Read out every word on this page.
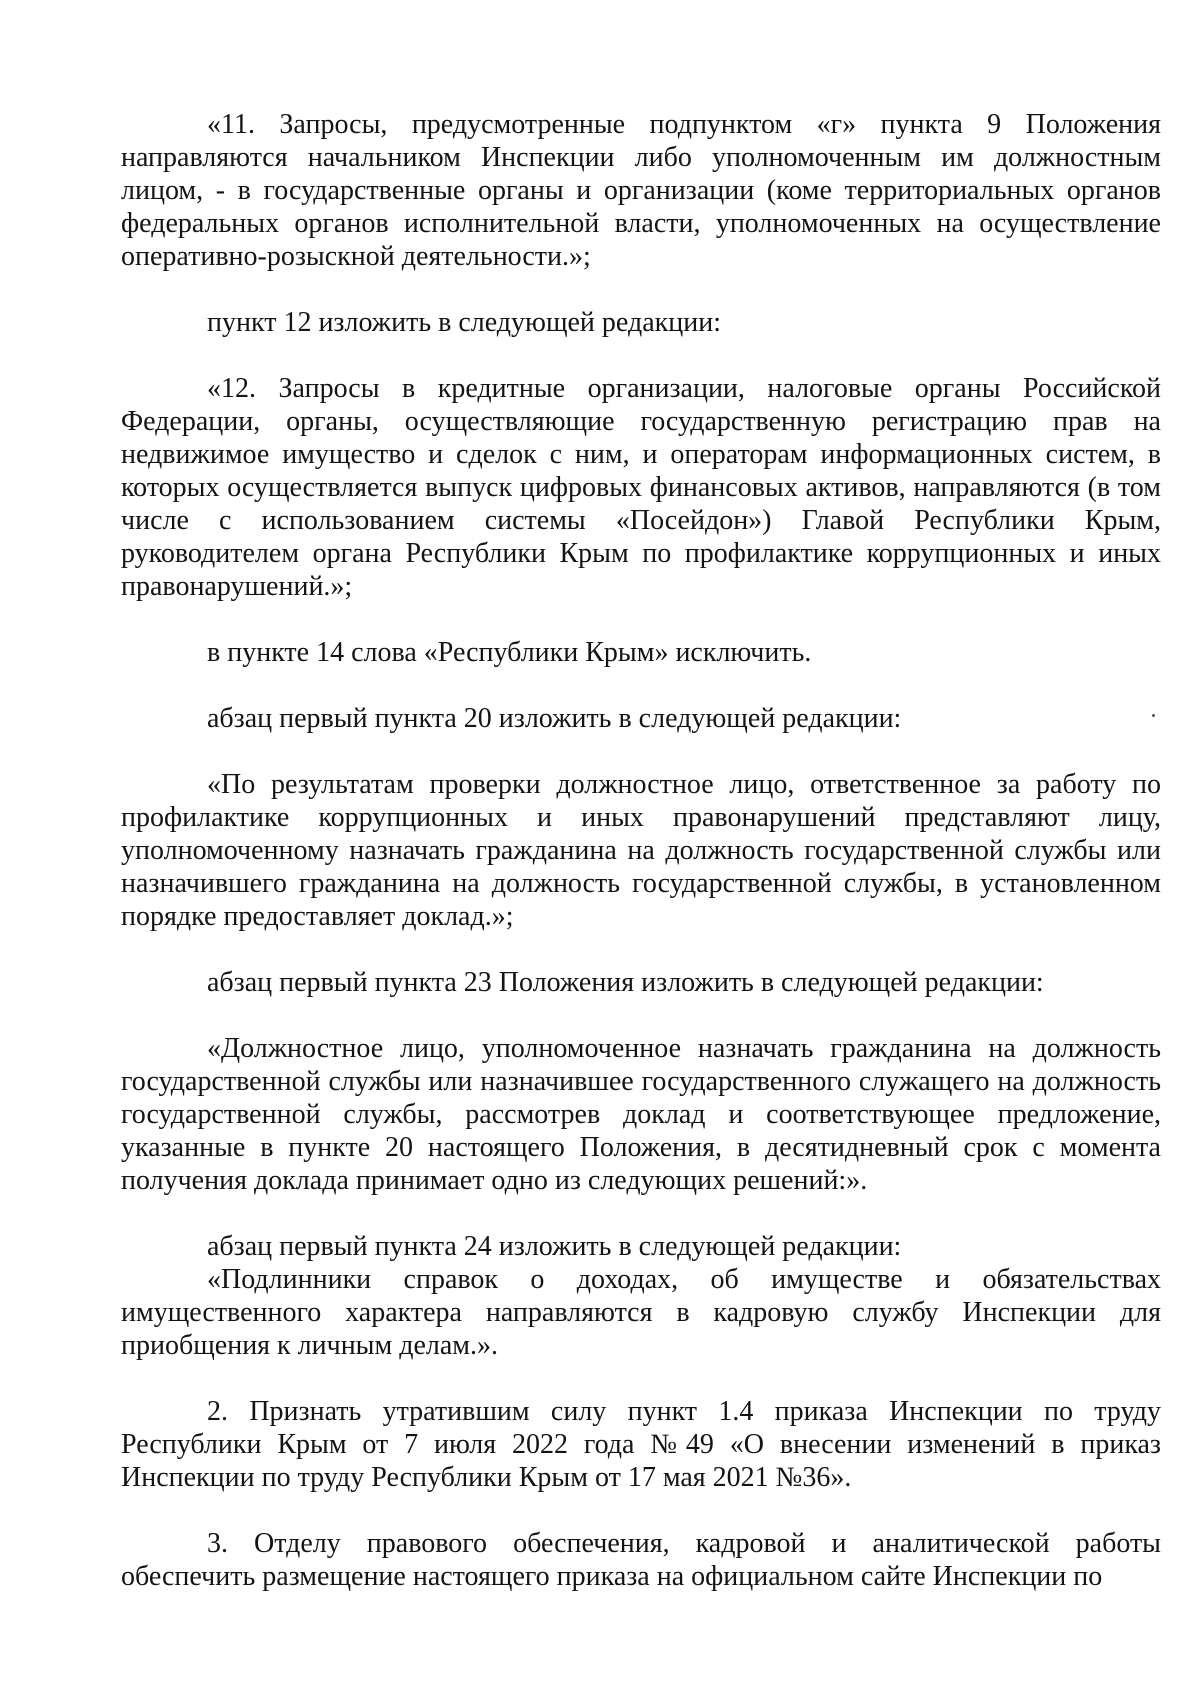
«11. Запросы, предусмотренные подпунктом «г» пункта 9 Положения направляются начальником Инспекции либо уполномоченным им должностным лицом, - в государственные органы и организации (коме территориальных органов федеральных органов исполнительной власти, уполномоченных на осуществление оперативно-розыскной деятельности.»;

пункт 12 изложить в следующей редакции:

«12. Запросы в кредитные организации, налоговые органы Российской Федерации, органы, осуществляющие государственную регистрацию прав на недвижимое имущество и сделок с ним, и операторам информационных систем, в которых осуществляется выпуск цифровых финансовых активов, направляются (в том числе с использованием системы «Посейдон») Главой Республики Крым, руководителем органа Республики Крым по профилактике коррупционных и иных правонарушений.»;

в пункте 14 слова «Республики Крым» исключить.

абзац первый пункта 20 изложить в следующей редакции:

«По результатам проверки должностное лицо, ответственное за работу по профилактике коррупционных и иных правонарушений представляют лицу, уполномоченному назначать гражданина на должность государственной службы или назначившего гражданина на должность государственной службы, в установленном порядке предоставляет доклад.»;

абзац первый пункта 23 Положения изложить в следующей редакции:

«Должностное лицо, уполномоченное назначать гражданина на должность государственной службы или назначившее государственного служащего на должность государственной службы, рассмотрев доклад и соответствующее предложение, указанные в пункте 20 настоящего Положения, в десятидневный срок с момента получения доклада принимает одно из следующих решений:».

абзац первый пункта 24 изложить в следующей редакции:

«Подлинники справок о доходах, об имуществе и обязательствах имущественного характера направляются в кадровую службу Инспекции для приобщения к личным делам.».

2. Признать утратившим силу пункт 1.4 приказа Инспекции по труду Республики Крым от 7 июля 2022 года №49 «О внесении изменений в приказ Инспекции по труду Республики Крым от 17 мая 2021 №36».

3. Отделу правового обеспечения, кадровой и аналитической работы обеспечить размещение настоящего приказа на официальном сайте Инспекции по
